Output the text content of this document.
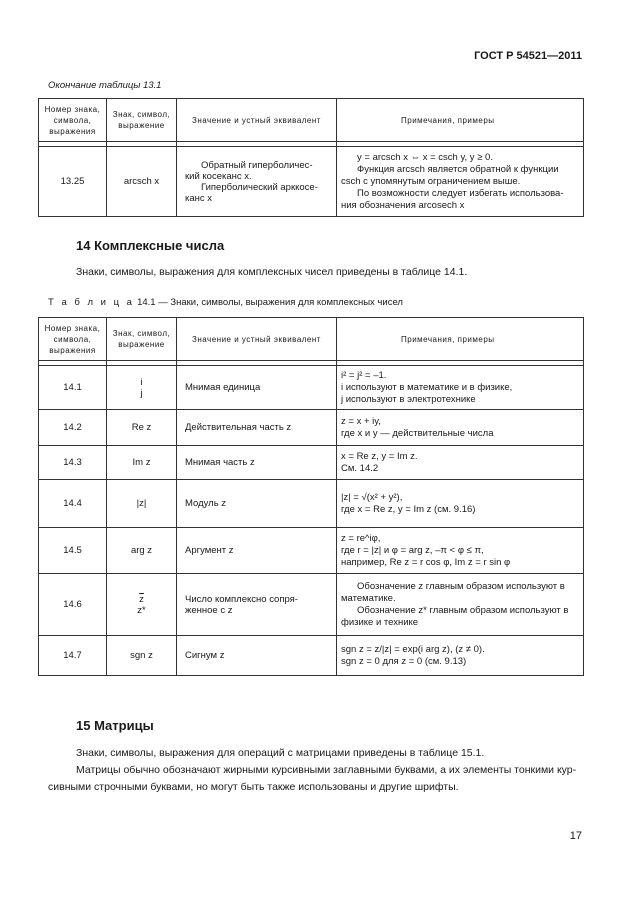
ГОСТ Р 54521—2011
Окончание таблицы 13.1
Номер знака, символа, выражения	Знак, символ, выражение	Значение и устный эквивалент	Примечания, примеры

13.25	arcsch x	Обратный гиперболичес-
кий косеканс x.
Гиперболический арккосе-
канс x	y = arcsch x ⇔ x = csch y, y ≥ 0.
Функция arcsch является обратной к функции
csch с упомянутым ограничением выше.
По возможности следует избегать использова-
ния обозначения arcosech x
14 Комплексные числа
Знаки, символы, выражения для комплексных чисел приведены в таблице 14.1.
Т а б л и ц а 14.1 — Знаки, символы, выражения для комплексных чисел
Номер знака, символа, выражения	Знак, символ, выражение	Значение и устный эквивалент	Примечания, примеры

14.1	i
j	Мнимая единица	i² = j² = –1.
i используют в математике и в физике,
j используют в электротехнике

14.2	Re z	Действительная часть z	z = x + iy,
где x и y — действительные числа

14.3	Im z	Мнимая часть z	x = Re z, y = Im z.
См. 14.2

14.4	|z|	Модуль z	|z| = √(x² + y²),
где x = Re z, y = Im z (см. 9.16)

14.5	arg z	Аргумент z	z = re^iφ,
где r = |z| и φ = arg z, –π < φ ≤ π,
например, Re z = r cos φ, Im z = r sin φ

14.6	$\overline{z}$
z*	Число комплексно сопря-
женное с z	Обозначение z главным образом используют в
математике.
Обозначение z* главным образом используют в
физике и технике

14.7	sgn z	Сигнум z	sgn z = z/|z| = exp(i arg z), (z ≠ 0).
sgn z = 0 для z = 0 (см. 9.13)
15 Матрицы
Знаки, символы, выражения для операций с матрицами приведены в таблице 15.1.
Матрицы обычно обозначают жирными курсивными заглавными буквами, а их элементы тонкими кур-
сивными строчными буквами, но могут быть также использованы и другие шрифты.
17
